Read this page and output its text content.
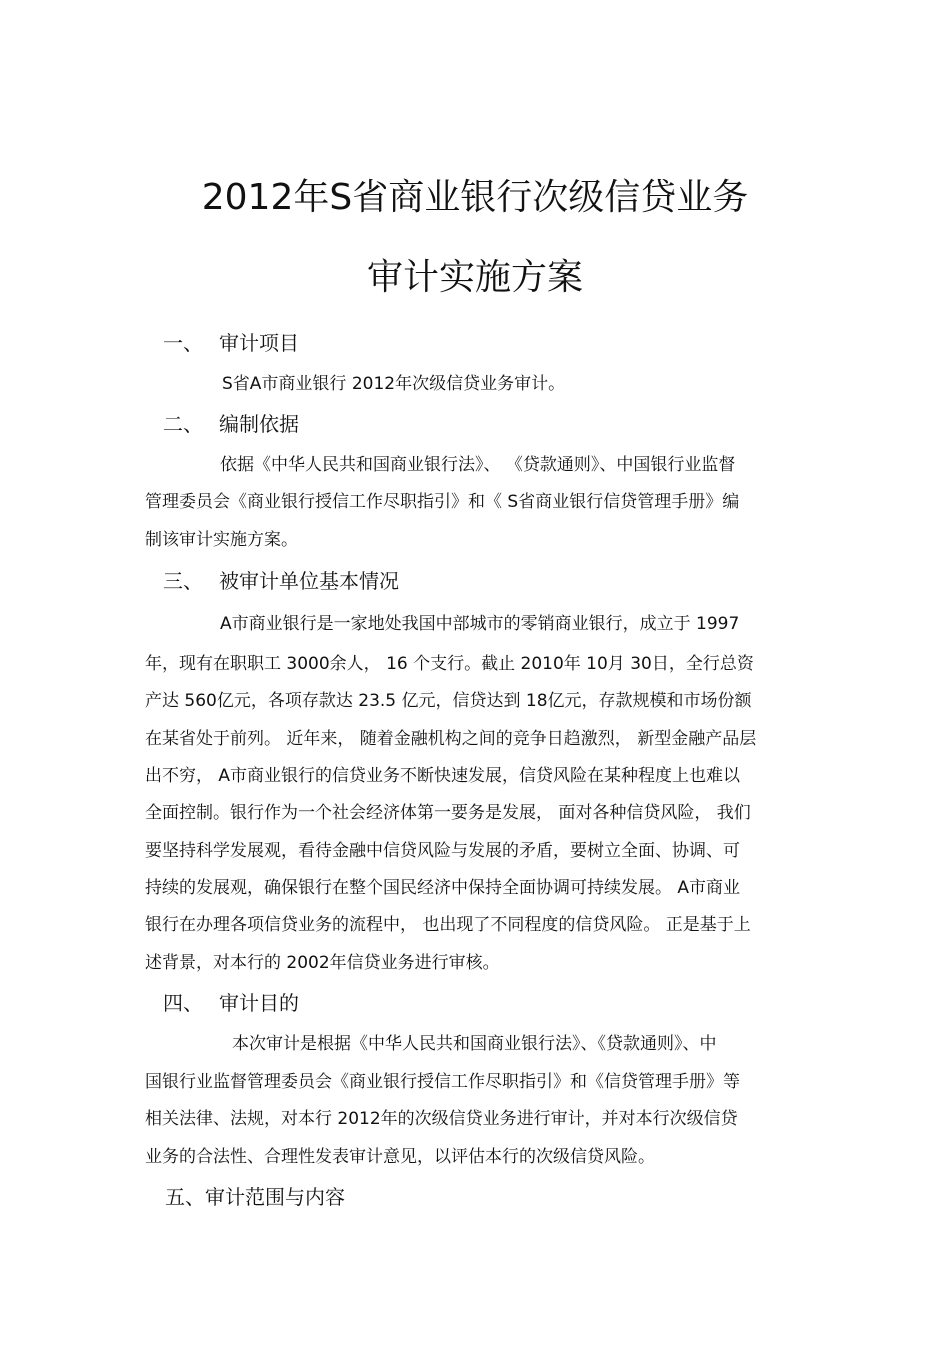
2012年S省商业银行次级信贷业务
审计实施方案
一、 审计项目
S省A市商业银行 2012年次级信贷业务审计。
二、 编制依据
依据《中华人民共和国商业银行法》、 《贷款通则》、中国银行业监督
管理委员会《商业银行授信工作尽职指引》和《 S省商业银行信贷管理手册》编
制该审计实施方案。
三、 被审计单位基本情况
A市商业银行是一家地处我国中部城市的零销商业银行，成立于 1997
年，现有在职职工 3000余人， 16 个支行。截止 2010年 10月 30日，全行总资
产达 560亿元，各项存款达 23.5 亿元，信贷达到 18亿元，存款规模和市场份额
在某省处于前列。 近年来， 随着金融机构之间的竞争日趋激烈， 新型金融产品层
出不穷， A市商业银行的信贷业务不断快速发展，信贷风险在某种程度上也难以
全面控制。银行作为一个社会经济体第一要务是发展， 面对各种信贷风险， 我们
要坚持科学发展观，看待金融中信贷风险与发展的矛盾，要树立全面、协调、可
持续的发展观，确保银行在整个国民经济中保持全面协调可持续发展。 A市商业
银行在办理各项信贷业务的流程中， 也出现了不同程度的信贷风险。 正是基于上
述背景，对本行的 2002年信贷业务进行审核。
四、 审计目的
本次审计是根据《中华人民共和国商业银行法》、《贷款通则》、中
国银行业监督管理委员会《商业银行授信工作尽职指引》和《信贷管理手册》等
相关法律、法规，对本行 2012年的次级信贷业务进行审计，并对本行次级信贷
业务的合法性、合理性发表审计意见，以评估本行的次级信贷风险。
五、审计范围与内容
